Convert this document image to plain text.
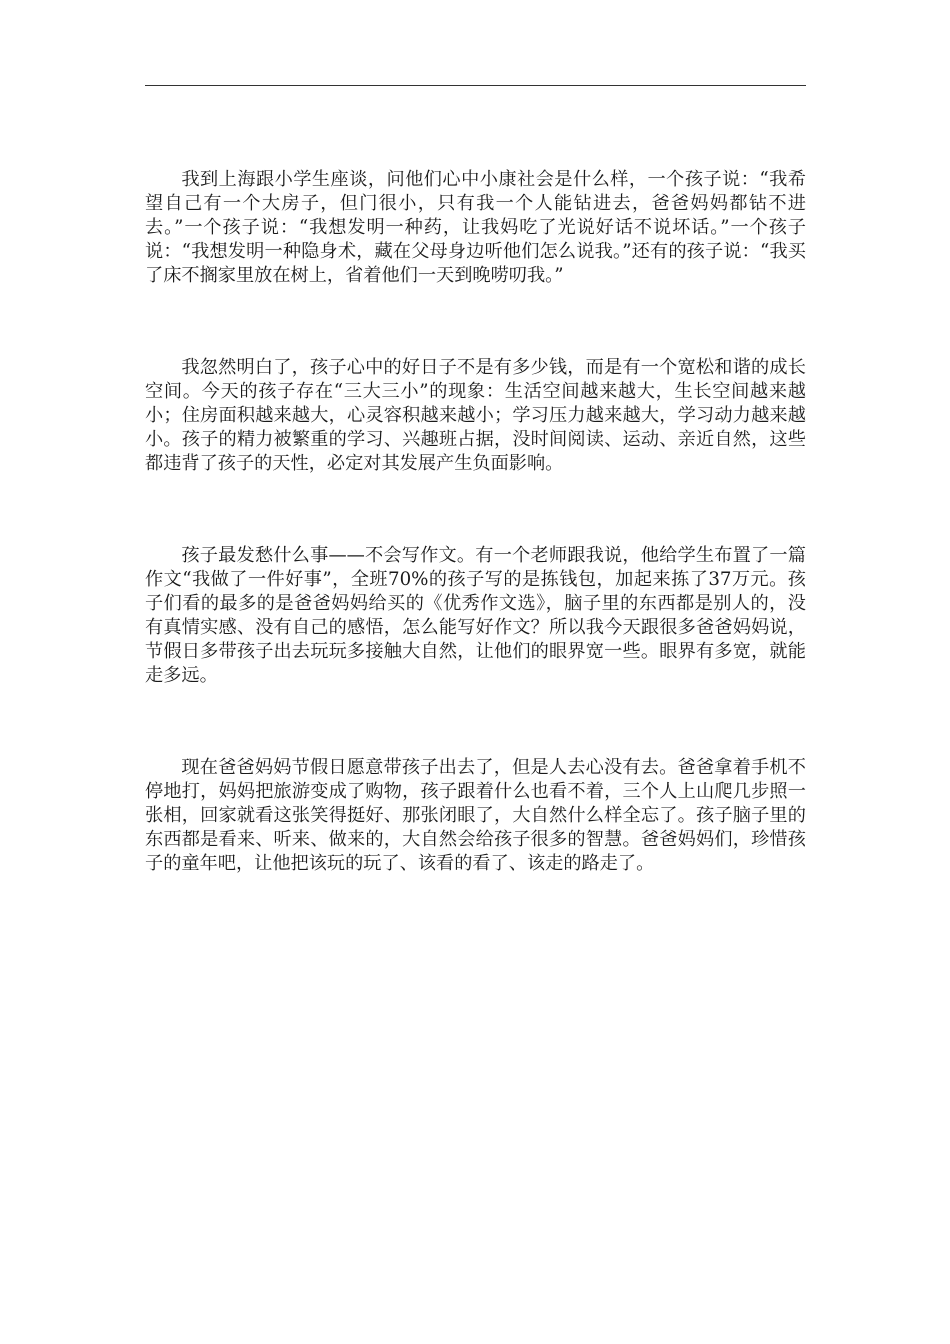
我到上海跟小学生座谈，问他们心中小康社会是什么样，一个孩子说：“我希望自己有一个大房子，但门很小，只有我一个人能钻进去，爸爸妈妈都钻不进去。”一个孩子说：“我想发明一种药，让我妈吃了光说好话不说坏话。”一个孩子说：“我想发明一种隐身术，藏在父母身边听他们怎么说我。”还有的孩子说：“我买了床不搁家里放在树上，省着他们一天到晚唠叨我。”

我忽然明白了，孩子心中的好日子不是有多少钱，而是有一个宽松和谐的成长空间。今天的孩子存在“三大三小”的现象：生活空间越来越大，生长空间越来越小；住房面积越来越大，心灵容积越来越小；学习压力越来越大，学习动力越来越小。孩子的精力被繁重的学习、兴趣班占据，没时间阅读、运动、亲近自然，这些都违背了孩子的天性，必定对其发展产生负面影响。

孩子最发愁什么事——不会写作文。有一个老师跟我说，他给学生布置了一篇作文“我做了一件好事”，全班70%的孩子写的是拣钱包，加起来拣了37万元。孩子们看的最多的是爸爸妈妈给买的《优秀作文选》，脑子里的东西都是别人的，没有真情实感、没有自己的感悟，怎么能写好作文？所以我今天跟很多爸爸妈妈说，节假日多带孩子出去玩玩多接触大自然，让他们的眼界宽一些。眼界有多宽，就能走多远。

现在爸爸妈妈节假日愿意带孩子出去了，但是人去心没有去。爸爸拿着手机不停地打，妈妈把旅游变成了购物，孩子跟着什么也看不着，三个人上山爬几步照一张相，回家就看这张笑得挺好、那张闭眼了，大自然什么样全忘了。孩子脑子里的东西都是看来、听来、做来的，大自然会给孩子很多的智慧。爸爸妈妈们，珍惜孩子的童年吧，让他把该玩的玩了、该看的看了、该走的路走了。
